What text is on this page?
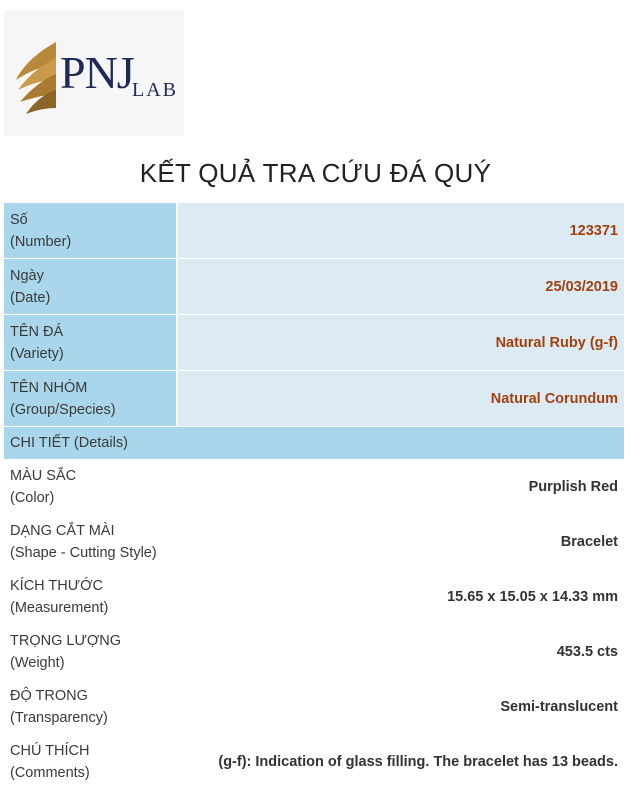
PNJ
LAB
KẾT QUẢ TRA CỨU ĐÁ QUÝ
Số
(Number)	123371

Ngày
(Date)	25/03/2019

TÊN ĐÁ
(Variety)	Natural Ruby (g-f)

TÊN NHÓM
(Group/Species)	Natural Corundum
CHI TIẾT (Details)	

MÀU SẮC
(Color)	Purplish Red

DẠNG CẮT MÀI
(Shape - Cutting Style)	Bracelet

KÍCH THƯỚC
(Measurement)	15.65 x 15.05 x 14.33 mm

TRỌNG LƯỢNG
(Weight)	453.5 cts

ĐỘ TRONG
(Transparency)	Semi-translucent

CHÚ THÍCH
(Comments)	(g-f): Indication of glass filling. The bracelet has 13 beads.
